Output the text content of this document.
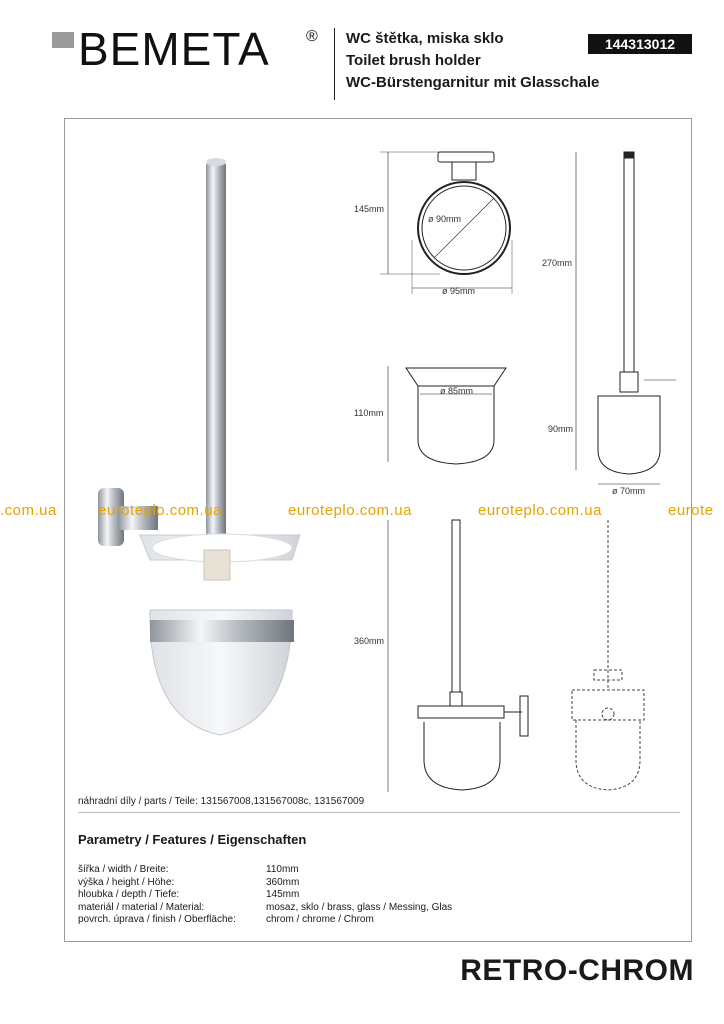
BEMETA ® WC štětka, miska sklo
Toilet brush holder
WC-Bürstengarnitur mit Glasschale
144313012
145mm
ø 90mm
ø 95mm
110mm
ø 85mm
270mm
90mm
ø 70mm
360mm
.com.ua	euroteplo.com.ua	euroteplo.com.ua	euroteplo.com.ua	eurote
náhradní díly / parts / Teile: 131567008,131567008c, 131567009
Parametry / Features / Eigenschaften
šířka / width / Breite:	110mm
výška / height / Höhe:	360mm
hloubka / depth / Tiefe:	145mm
materiál / material / Material:	mosaz, sklo / brass, glass / Messing, Glas
povrch. úprava / finish / Oberfläche:	chrom / chrome / Chrom
RETRO-CHROM
